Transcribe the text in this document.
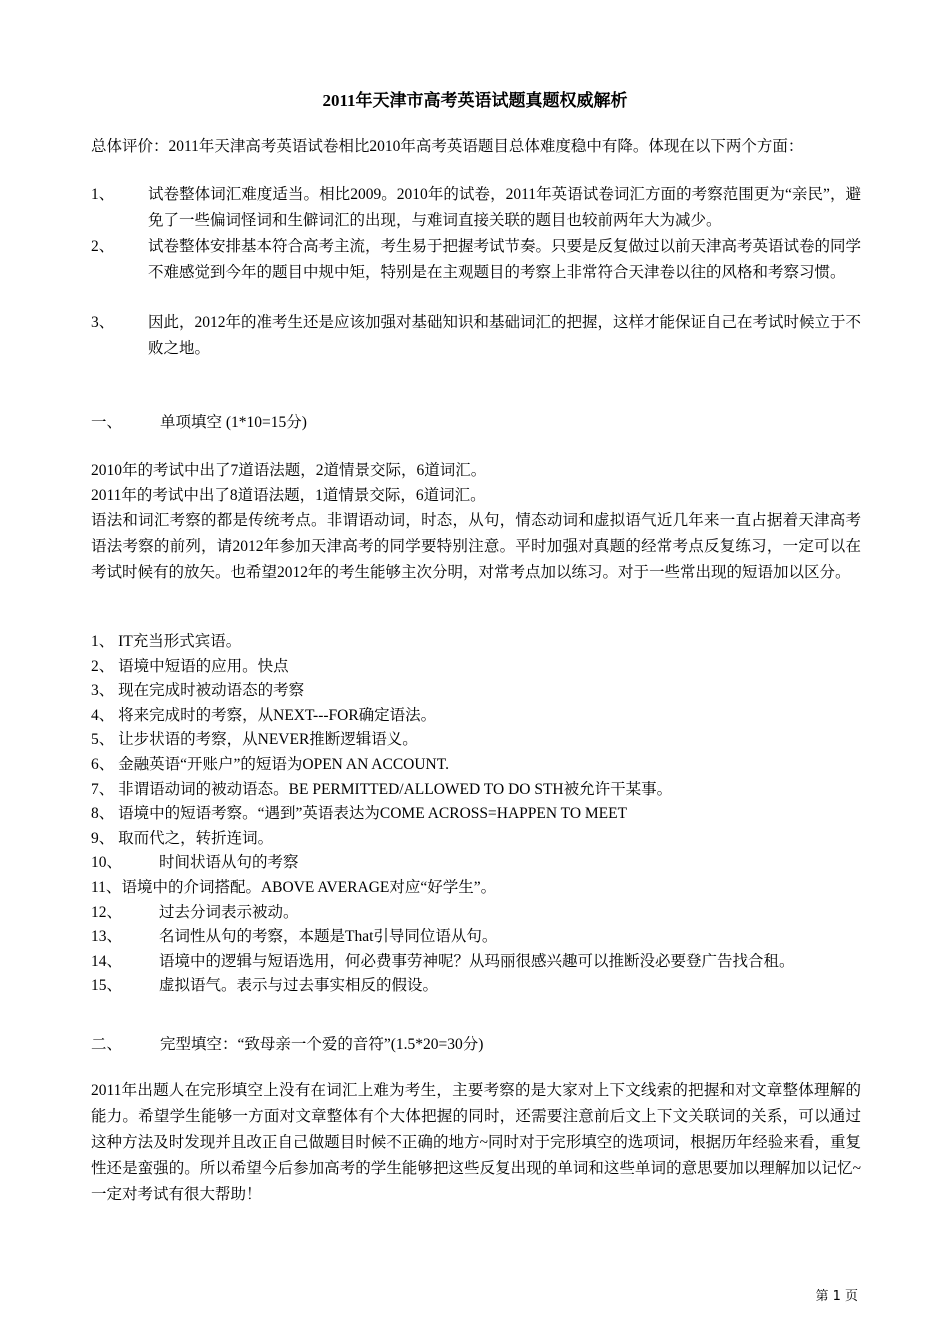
2011年天津市高考英语试题真题权威解析
总体评价：2011年天津高考英语试卷相比2010年高考英语题目总体难度稳中有降。体现在以下两个方面：
1、 试卷整体词汇难度适当。相比2009。2010年的试卷，2011年英语试卷词汇方面的考察范围更为“亲民”，避免了一些偏词怪词和生僻词汇的出现，与难词直接关联的题目也较前两年大为减少。
2、 试卷整体安排基本符合高考主流，考生易于把握考试节奏。只要是反复做过以前天津高考英语试卷的同学不难感觉到今年的题目中规中矩，特别是在主观题目的考察上非常符合天津卷以往的风格和考察习惯。
3、 因此，2012年的准考生还是应该加强对基础知识和基础词汇的把握，这样才能保证自己在考试时候立于不败之地。
一、 单项填空 (1*10=15分)
2010年的考试中出了7道语法题，2道情景交际，6道词汇。
2011年的考试中出了8道语法题，1道情景交际，6道词汇。
语法和词汇考察的都是传统考点。非谓语动词，时态，从句，情态动词和虚拟语气近几年来一直占据着天津高考语法考察的前列，请2012年参加天津高考的同学要特别注意。平时加强对真题的经常考点反复练习，一定可以在考试时候有的放矢。也希望2012年的考生能够主次分明，对常考点加以练习。对于一些常出现的短语加以区分。
1、 IT充当形式宾语。
2、 语境中短语的应用。快点
3、 现在完成时被动语态的考察
4、 将来完成时的考察，从NEXT---FOR确定语法。
5、 让步状语的考察，从NEVER推断逻辑语义。
6、 金融英语“开账户”的短语为OPEN AN ACCOUNT.
7、 非谓语动词的被动语态。BE PERMITTED/ALLOWED TO DO STH被允许干某事。
8、 语境中的短语考察。“遇到”英语表达为COME ACROSS=HAPPEN TO MEET
9、 取而代之，转折连词。
10、 时间状语从句的考察
11、语境中的介词搭配。ABOVE AVERAGE对应“好学生”。
12、 过去分词表示被动。
13、 名词性从句的考察，本题是That引导同位语从句。
14、 语境中的逻辑与短语选用，何必费事劳神呢？从玛丽很感兴趣可以推断没必要登广告找合租。
15、 虚拟语气。表示与过去事实相反的假设。
二、 完型填空：“致母亲一个爱的音符”(1.5*20=30分)
2011年出题人在完形填空上没有在词汇上难为考生，主要考察的是大家对上下文线索的把握和对文章整体理解的能力。希望学生能够一方面对文章整体有个大体把握的同时，还需要注意前后文上下文关联词的关系，可以通过这种方法及时发现并且改正自己做题目时候不正确的地方~同时对于完形填空的选项词，根据历年经验来看，重复性还是蛮强的。所以希望今后参加高考的学生能够把这些反复出现的单词和这些单词的意思要加以理解加以记忆~一定对考试有很大帮助！
第 1 页
